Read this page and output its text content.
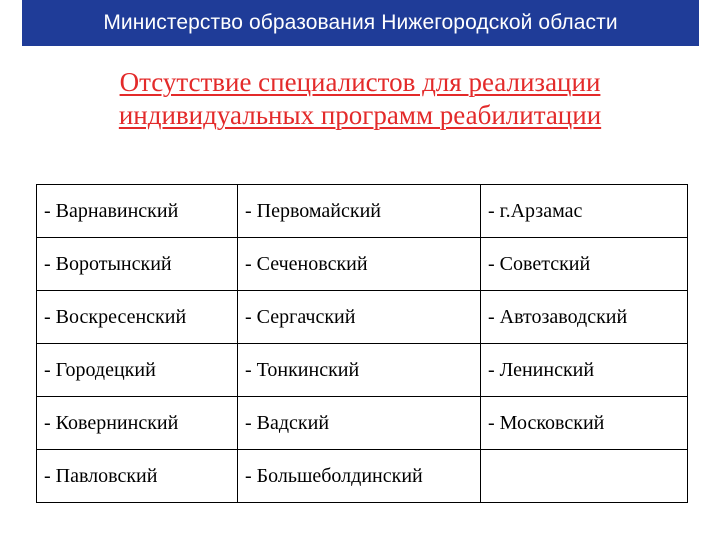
Министерство образования Нижегородской области
Отсутствие специалистов для реализации
индивидуальных программ реабилитации
- Варнавинский	- Первомайский	- г.Арзамас
- Воротынский	- Сеченовский	- Советский
- Воскресенский	- Сергачский	- Автозаводский
- Городецкий	- Тонкинский	- Ленинский
- Ковернинский	- Вадский	- Московский
- Павловский	- Большеболдинский	
